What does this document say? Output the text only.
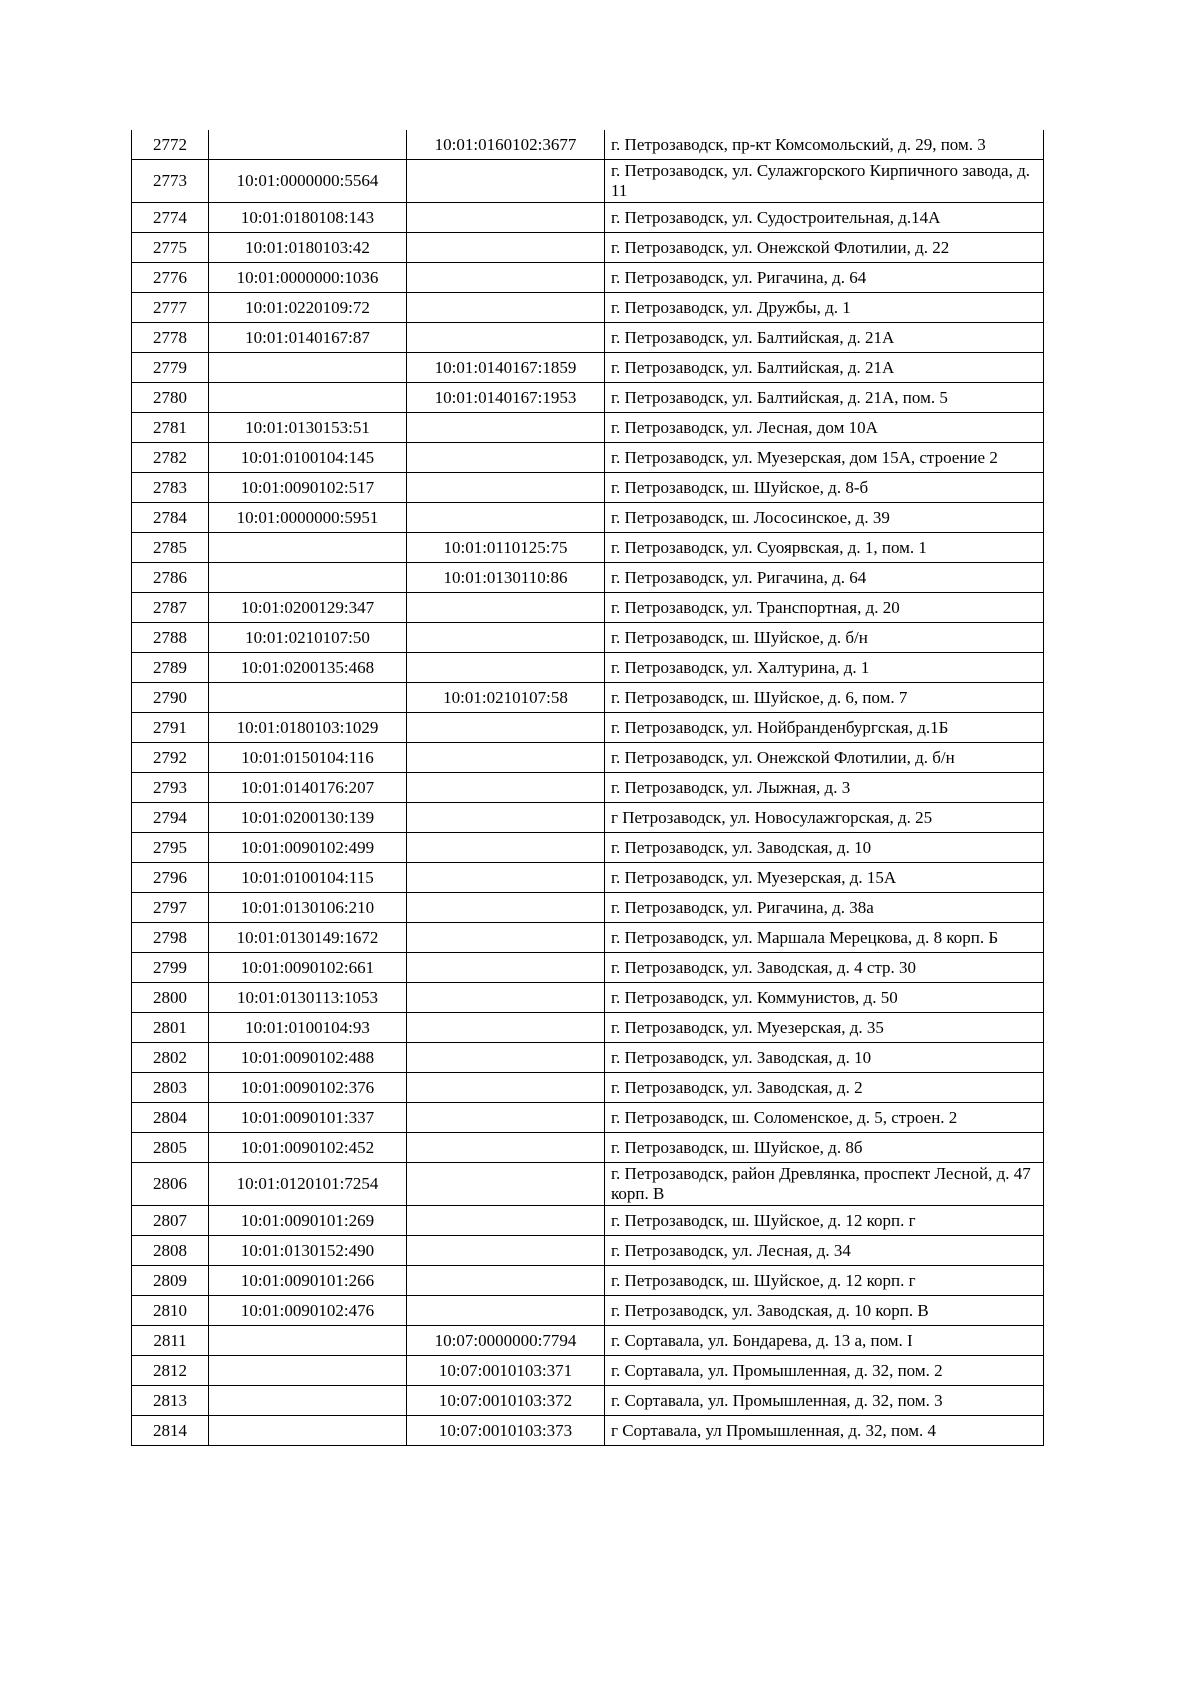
2772		10:01:0160102:3677	г. Петрозаводск, пр-кт Комсомольский, д. 29, пом. 3
2773	10:01:0000000:5564		г. Петрозаводск, ул. Сулажгорского Кирпичного завода, д. 11
2774	10:01:0180108:143		г. Петрозаводск, ул. Судостроительная, д.14А
2775	10:01:0180103:42		г. Петрозаводск, ул. Онежской Флотилии, д. 22
2776	10:01:0000000:1036		г. Петрозаводск, ул. Ригачина, д. 64
2777	10:01:0220109:72		г. Петрозаводск, ул. Дружбы, д. 1
2778	10:01:0140167:87		г. Петрозаводск, ул. Балтийская, д. 21А
2779		10:01:0140167:1859	г. Петрозаводск, ул. Балтийская, д. 21А
2780		10:01:0140167:1953	г. Петрозаводск, ул. Балтийская, д. 21А, пом. 5
2781	10:01:0130153:51		г. Петрозаводск, ул. Лесная, дом 10А
2782	10:01:0100104:145		г. Петрозаводск, ул. Муезерская, дом 15А, строение 2
2783	10:01:0090102:517		г. Петрозаводск, ш. Шуйское, д. 8-б
2784	10:01:0000000:5951		г. Петрозаводск, ш. Лососинское, д. 39
2785		10:01:0110125:75	г. Петрозаводск, ул. Суоярвская, д. 1, пом. 1
2786		10:01:0130110:86	г. Петрозаводск, ул. Ригачина, д. 64
2787	10:01:0200129:347		г. Петрозаводск, ул. Транспортная, д. 20
2788	10:01:0210107:50		г. Петрозаводск, ш. Шуйское, д. б/н
2789	10:01:0200135:468		г. Петрозаводск, ул. Халтурина, д. 1
2790		10:01:0210107:58	г. Петрозаводск, ш. Шуйское, д. 6, пом. 7
2791	10:01:0180103:1029		г. Петрозаводск, ул. Нойбранденбургская, д.1Б
2792	10:01:0150104:116		г. Петрозаводск, ул. Онежской Флотилии, д. б/н
2793	10:01:0140176:207		г. Петрозаводск, ул. Лыжная, д. 3
2794	10:01:0200130:139		г Петрозаводск, ул. Новосулажгорская, д. 25
2795	10:01:0090102:499		г. Петрозаводск, ул. Заводская, д. 10
2796	10:01:0100104:115		г. Петрозаводск, ул. Муезерская, д. 15А
2797	10:01:0130106:210		г. Петрозаводск, ул. Ригачина, д. 38а
2798	10:01:0130149:1672		г. Петрозаводск, ул. Маршала Мерецкова, д. 8 корп. Б
2799	10:01:0090102:661		г. Петрозаводск, ул. Заводская, д. 4 стр. 30
2800	10:01:0130113:1053		г. Петрозаводск, ул. Коммунистов, д. 50
2801	10:01:0100104:93		г. Петрозаводск, ул. Муезерская, д. 35
2802	10:01:0090102:488		г. Петрозаводск, ул. Заводская, д. 10
2803	10:01:0090102:376		г. Петрозаводск, ул. Заводская, д. 2
2804	10:01:0090101:337		г. Петрозаводск, ш. Соломенское, д. 5, строен. 2
2805	10:01:0090102:452		г. Петрозаводск, ш. Шуйское, д. 8б
2806	10:01:0120101:7254		г. Петрозаводск, район Древлянка, проспект Лесной, д. 47 корп. В
2807	10:01:0090101:269		г. Петрозаводск, ш. Шуйское, д. 12 корп. г
2808	10:01:0130152:490		г. Петрозаводск, ул. Лесная, д. 34
2809	10:01:0090101:266		г. Петрозаводск, ш. Шуйское, д. 12 корп. г
2810	10:01:0090102:476		г. Петрозаводск, ул. Заводская, д. 10 корп. В
2811		10:07:0000000:7794	г. Сортавала, ул. Бондарева, д. 13 а, пом. I
2812		10:07:0010103:371	г. Сортавала, ул. Промышленная, д. 32, пом. 2
2813		10:07:0010103:372	г. Сортавала, ул. Промышленная, д. 32, пом. 3
2814		10:07:0010103:373	г Сортавала, ул Промышленная, д. 32, пом. 4
